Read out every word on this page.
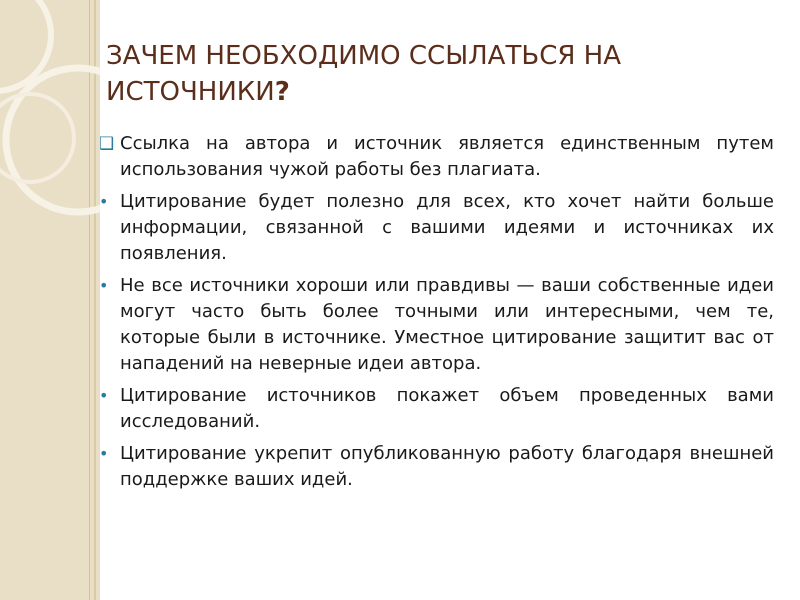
ЗАЧЕМ НЕОБХОДИМО ССЫЛАТЬСЯ НА ИСТОЧНИКИ?
❑ Ссылка на автора и источник является единственным путем использования чужой работы без плагиата.
• Цитирование будет полезно для всех, кто хочет найти больше информации, связанной с вашими идеями и источниках их появления.
• Не все источники хороши или правдивы — ваши собственные идеи могут часто быть более точными или интересными, чем те, которые были в источнике. Уместное цитирование защитит вас от нападений на неверные идеи автора.
• Цитирование источников покажет объем проведенных вами исследований.
• Цитирование укрепит опубликованную работу благодаря внешней поддержке ваших идей.
